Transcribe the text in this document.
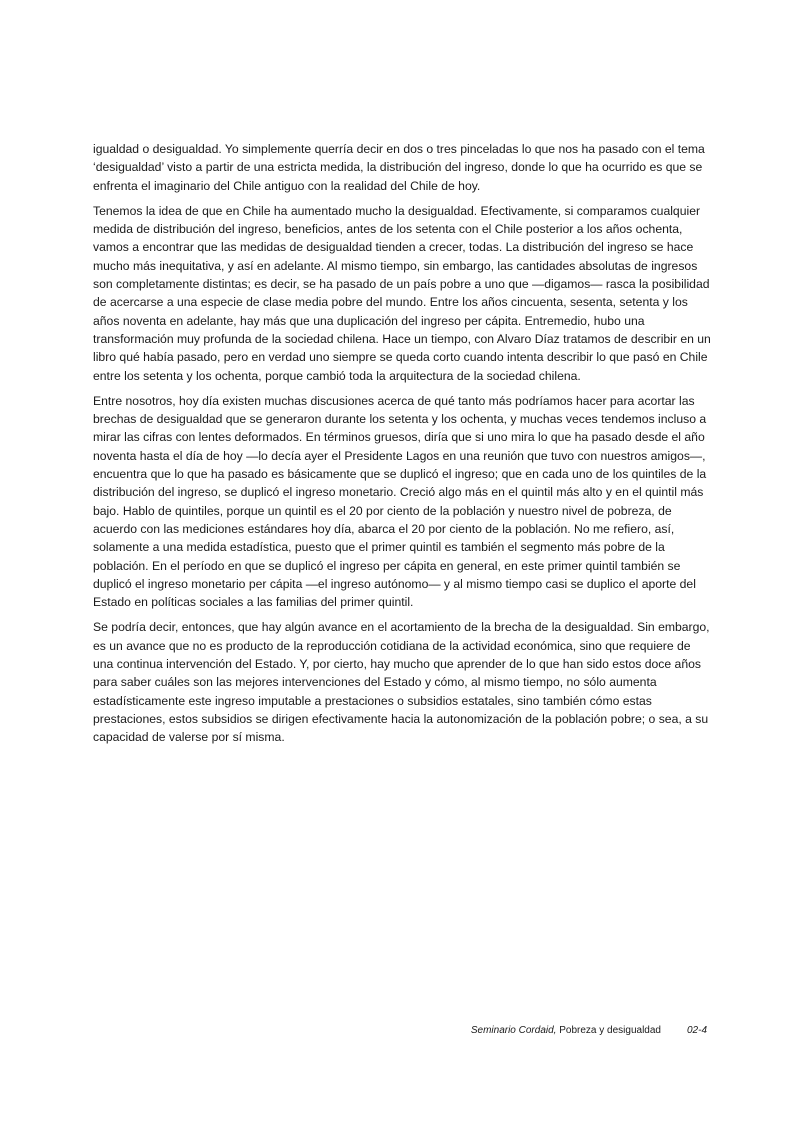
igualdad o desigualdad. Yo simplemente querría decir en dos o tres pinceladas lo que nos ha pasado con el tema ‘desigualdad’ visto a partir de una estricta medida, la distribución del ingreso, donde lo que ha ocurrido es que se enfrenta el imaginario del Chile antiguo con la realidad del Chile de hoy.

Tenemos la idea de que en Chile ha aumentado mucho la desigualdad. Efectivamente, si comparamos cualquier medida de distribución del ingreso, beneficios, antes de los setenta con el Chile posterior a los años ochenta, vamos a encontrar que las medidas de desigualdad tienden a crecer, todas. La distribución del ingreso se hace mucho más inequitativa, y así en adelante. Al mismo tiempo, sin embargo, las cantidades absolutas de ingresos son completamente distintas; es decir, se ha pasado de un país pobre a uno que —digamos— rasca la posibilidad de acercarse a una especie de clase media pobre del mundo. Entre los años cincuenta, sesenta, setenta y los años noventa en adelante, hay más que una duplicación del ingreso per cápita. Entremedio, hubo una transformación muy profunda de la sociedad chilena. Hace un tiempo, con Alvaro Díaz tratamos de describir en un libro qué había pasado, pero en verdad uno siempre se queda corto cuando intenta describir lo que pasó en Chile entre los setenta y los ochenta, porque cambió toda la arquitectura de la sociedad chilena.

Entre nosotros, hoy día existen muchas discusiones acerca de qué tanto más podríamos hacer para acortar las brechas de desigualdad que se generaron durante los setenta y los ochenta, y muchas veces tendemos incluso a mirar las cifras con lentes deformados. En términos gruesos, diría que si uno mira lo que ha pasado desde el año noventa hasta el día de hoy —lo decía ayer el Presidente Lagos en una reunión que tuvo con nuestros amigos—, encuentra que lo que ha pasado es básicamente que se duplicó el ingreso; que en cada uno de los quintiles de la distribución del ingreso, se duplicó el ingreso monetario. Creció algo más en el quintil más alto y en el quintil más bajo. Hablo de quintiles, porque un quintil es el 20 por ciento de la población y nuestro nivel de pobreza, de acuerdo con las mediciones estándares hoy día, abarca el 20 por ciento de la población. No me refiero, así, solamente a una medida estadística, puesto que el primer quintil es también el segmento más pobre de la población. En el período en que se duplicó el ingreso per cápita en general, en este primer quintil también se duplicó el ingreso monetario per cápita —el ingreso autónomo— y al mismo tiempo casi se duplico el aporte del Estado en políticas sociales a las familias del primer quintil.

Se podría decir, entonces, que hay algún avance en el acortamiento de la brecha de la desigualdad. Sin embargo, es un avance que no es producto de la reproducción cotidiana de la actividad económica, sino que requiere de una continua intervención del Estado. Y, por cierto, hay mucho que aprender de lo que han sido estos doce años para saber cuáles son las mejores intervenciones del Estado y cómo, al mismo tiempo, no sólo aumenta estadísticamente este ingreso imputable a prestaciones o subsidios estatales, sino también cómo estas prestaciones, estos subsidios se dirigen efectivamente hacia la autonomización de la población pobre; o sea, a su capacidad de valerse por sí misma.

Seminario Cordaid, Pobreza y desigualdad	02-4
